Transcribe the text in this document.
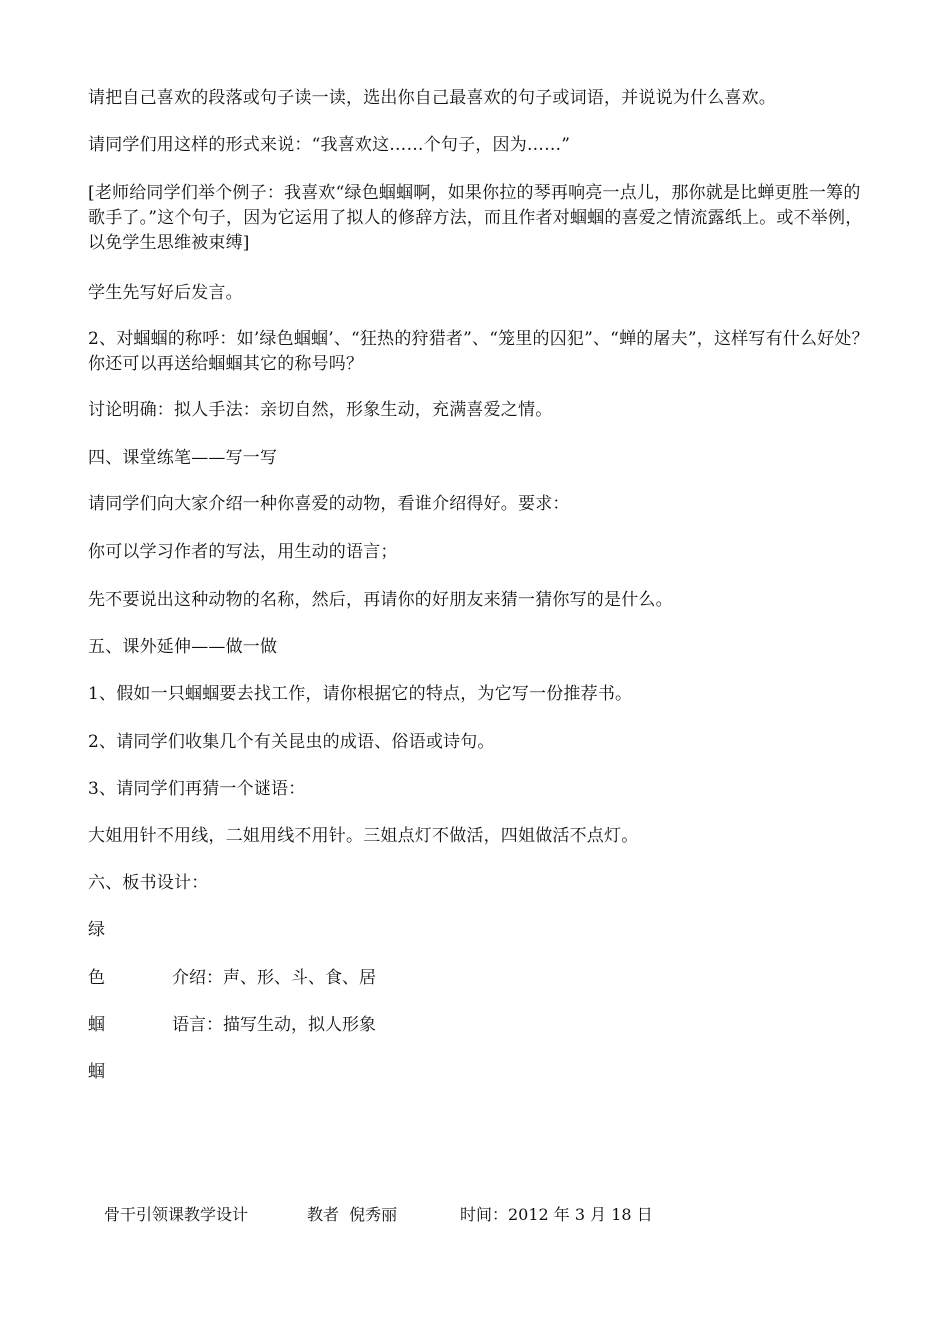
请把自己喜欢的段落或句子读一读，选出你自己最喜欢的句子或词语，并说说为什么喜欢。

请同学们用这样的形式来说：“我喜欢这……个句子，因为……”

[老师给同学们举个例子：我喜欢“绿色蝈蝈啊，如果你拉的琴再响亮一点儿，那你就是比蝉更胜一筹的歌手了。”这个句子，因为它运用了拟人的修辞方法，而且作者对蝈蝈的喜爱之情流露纸上。或不举例，以免学生思维被束缚]

学生先写好后发言。

2、对蝈蝈的称呼：如’绿色蝈蝈’、“狂热的狩猎者”、“笼里的囚犯”、“蝉的屠夫”，这样写有什么好处？你还可以再送给蝈蝈其它的称号吗？

讨论明确：拟人手法：亲切自然，形象生动，充满喜爱之情。

四、课堂练笔——写一写

请同学们向大家介绍一种你喜爱的动物，看谁介绍得好。要求：

你可以学习作者的写法，用生动的语言；

先不要说出这种动物的名称，然后，再请你的好朋友来猜一猜你写的是什么。

五、课外延伸——做一做

1、假如一只蝈蝈要去找工作，请你根据它的特点，为它写一份推荐书。

2、请同学们收集几个有关昆虫的成语、俗语或诗句。

3、请同学们再猜一个谜语：

大姐用针不用线，二姐用线不用针。三姐点灯不做活，四姐做活不点灯。

六、板书设计：

绿
色
蝈
蝈
介绍：声、形、斗、食、居
语言：描写生动，拟人形象
骨干引领课教学设计	教者  倪秀丽	时间：2012 年 3 月 18 日
